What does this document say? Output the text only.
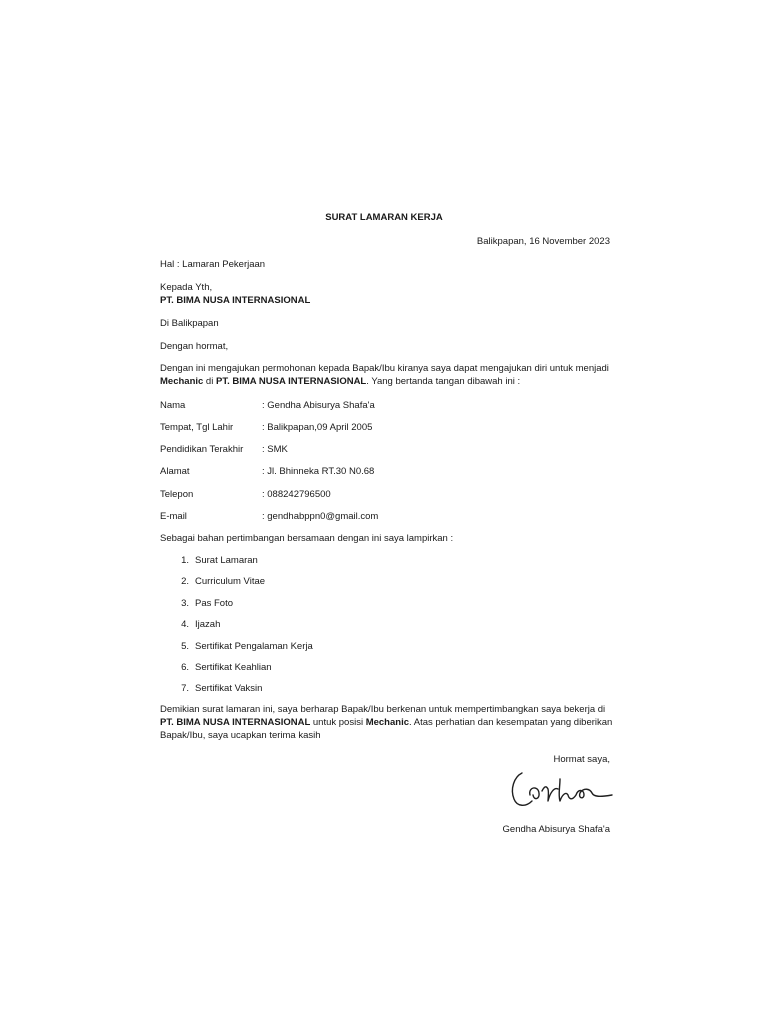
SURAT LAMARAN KERJA
Balikpapan, 16 November 2023
Hal : Lamaran Pekerjaan
Kepada Yth,
PT. BIMA NUSA INTERNASIONAL
Di Balikpapan
Dengan hormat,
Dengan ini mengajukan permohonan kepada Bapak/Ibu kiranya saya dapat mengajukan diri untuk menjadi Mechanic di PT. BIMA NUSA INTERNASIONAL. Yang bertanda tangan dibawah ini :
Nama	: Gendha Abisurya Shafa'a
Tempat, Tgl Lahir	: Balikpapan,09 April 2005
Pendidikan Terakhir : SMK
Alamat	: Jl. Bhinneka RT.30 N0.68
Telepon	: 088242796500
E-mail	: gendhabppn0@gmail.com
Sebagai bahan pertimbangan bersamaan dengan ini saya lampirkan :
1. Surat Lamaran
2. Curriculum Vitae
3. Pas Foto
4. Ijazah
5. Sertifikat Pengalaman Kerja
6. Sertifikat Keahlian
7. Sertifikat Vaksin
Demikian surat lamaran ini, saya berharap Bapak/Ibu berkenan untuk mempertimbangkan saya bekerja di PT. BIMA NUSA INTERNASIONAL untuk posisi Mechanic. Atas perhatian dan kesempatan yang diberikan Bapak/Ibu, saya ucapkan terima kasih
Hormat saya,
Gendha Abisurya Shafa'a
